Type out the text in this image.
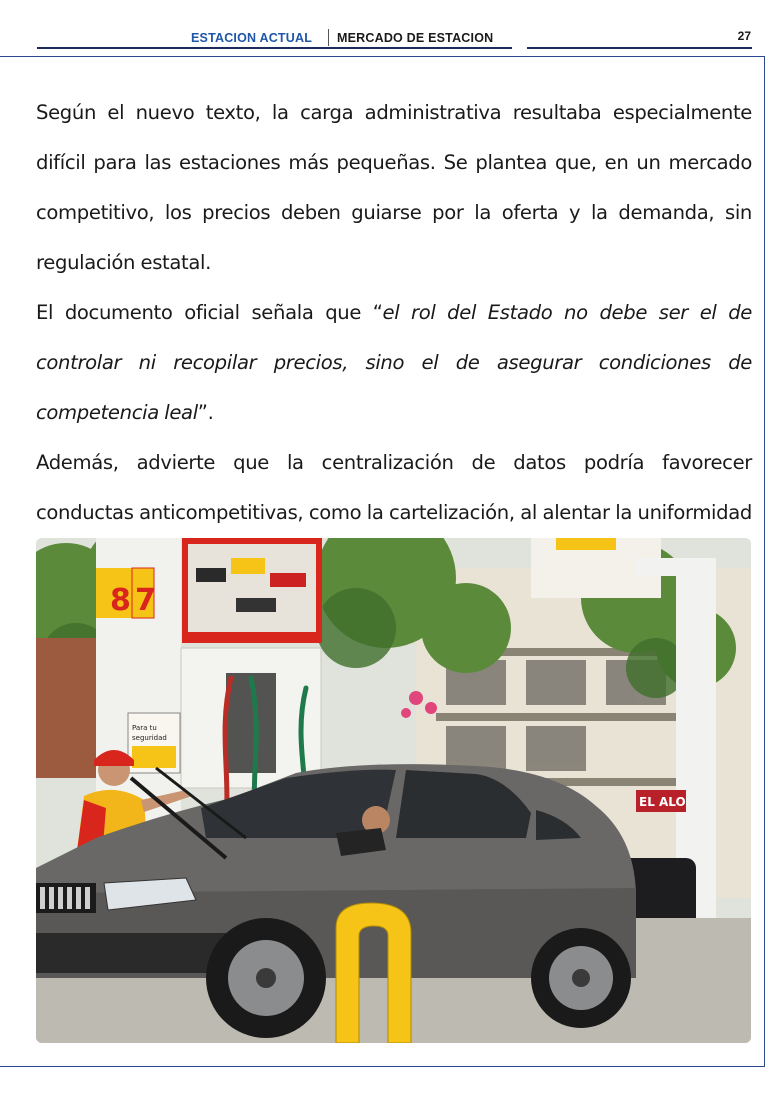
ESTACION ACTUAL MERCADO DE ESTACION	27

Según el nuevo texto, la carga administrativa resultaba especialmente difícil para las estaciones más pequeñas. Se plantea que, en un mercado competitivo, los precios deben guiarse por la oferta y la demanda, sin regulación estatal.

El documento oficial señala que “el rol del Estado no debe ser el de controlar ni recopilar precios, sino el de asegurar condiciones de competencia leal”.

Además, advierte que la centralización de datos podría favorecer conductas anticompetitivas, como la cartelización, al alentar la uniformidad

8 7
Para tu
seguridad
EL ALO
